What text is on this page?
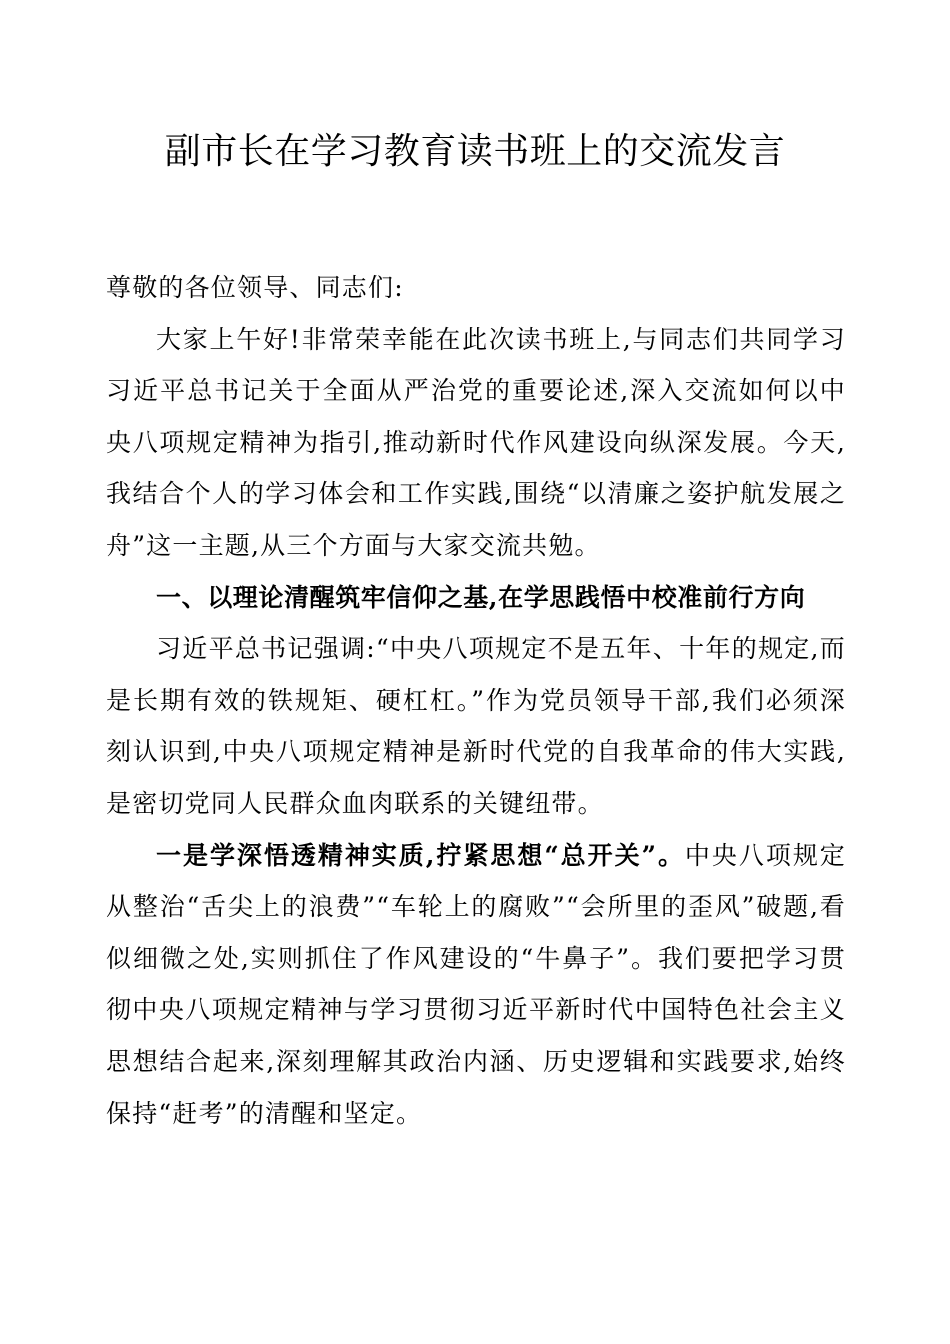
副市长在学习教育读书班上的交流发言

尊敬的各位领导、同志们:

大家上午好!非常荣幸能在此次读书班上,与同志们共同学习习近平总书记关于全面从严治党的重要论述,深入交流如何以中央八项规定精神为指引,推动新时代作风建设向纵深发展。今天,我结合个人的学习体会和工作实践,围绕“以清廉之姿护航发展之舟”这一主题,从三个方面与大家交流共勉。

一、以理论清醒筑牢信仰之基,在学思践悟中校准前行方向

习近平总书记强调:“中央八项规定不是五年、十年的规定,而是长期有效的铁规矩、硬杠杠。”作为党员领导干部,我们必须深刻认识到,中央八项规定精神是新时代党的自我革命的伟大实践,是密切党同人民群众血肉联系的关键纽带。

一是学深悟透精神实质,拧紧思想“总开关”。中央八项规定从整治“舌尖上的浪费”“车轮上的腐败”“会所里的歪风”破题,看似细微之处,实则抓住了作风建设的“牛鼻子”。我们要把学习贯彻中央八项规定精神与学习贯彻习近平新时代中国特色社会主义思想结合起来,深刻理解其政治内涵、历史逻辑和实践要求,始终保持“赶考”的清醒和坚定。
